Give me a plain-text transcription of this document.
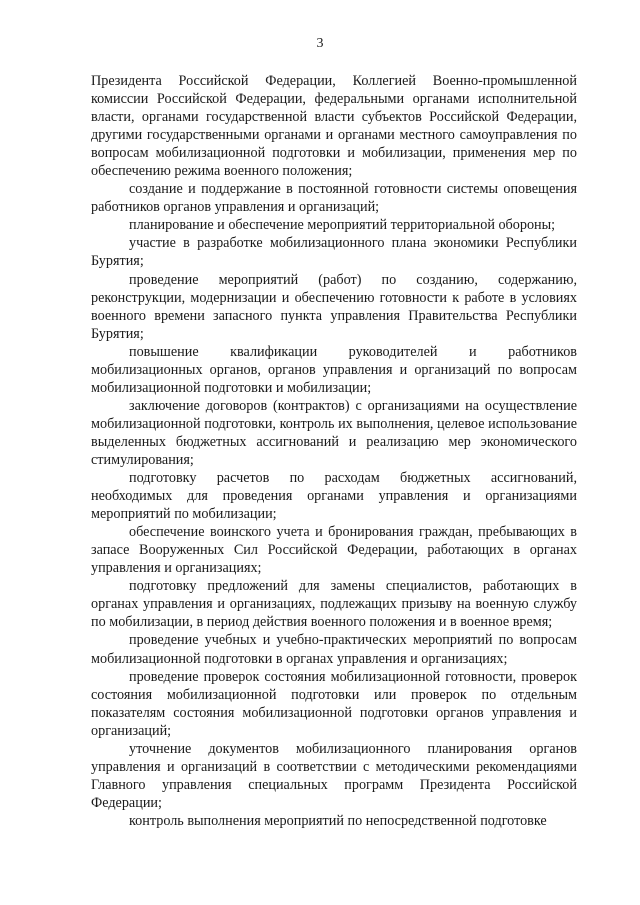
3

Президента Российской Федерации, Коллегией Военно-промышленной комиссии Российской Федерации, федеральными органами исполнительной власти, органами государственной власти субъектов Российской Федерации, другими государственными органами и органами местного самоуправления по вопросам мобилизационной подготовки и мобилизации, применения мер по обеспечению режима военного положения;

создание и поддержание в постоянной готовности системы оповещения работников органов управления и организаций;

планирование и обеспечение мероприятий территориальной обороны;

участие в разработке мобилизационного плана экономики Республики Бурятия;

проведение мероприятий (работ) по созданию, содержанию, реконструкции, модернизации и обеспечению готовности к работе в условиях военного времени запасного пункта управления Правительства Республики Бурятия;

повышение квалификации руководителей и работников мобилизационных органов, органов управления и организаций по вопросам мобилизационной подготовки и мобилизации;

заключение договоров (контрактов) с организациями на осуществление мобилизационной подготовки, контроль их выполнения, целевое использование выделенных бюджетных ассигнований и реализацию мер экономического стимулирования;

подготовку расчетов по расходам бюджетных ассигнований, необходимых для проведения органами управления и организациями мероприятий по мобилизации;

обеспечение воинского учета и бронирования граждан, пребывающих в запасе Вооруженных Сил Российской Федерации, работающих в органах управления и организациях;

подготовку предложений для замены специалистов, работающих в органах управления и организациях, подлежащих призыву на военную службу по мобилизации, в период действия военного положения и в военное время;

проведение учебных и учебно-практических мероприятий по вопросам мобилизационной подготовки в органах управления и организациях;

проведение проверок состояния мобилизационной готовности, проверок состояния мобилизационной подготовки или проверок по отдельным показателям состояния мобилизационной подготовки органов управления и организаций;

уточнение документов мобилизационного планирования органов управления и организаций в соответствии с методическими рекомендациями Главного управления специальных программ Президента Российской Федерации;

контроль выполнения мероприятий по непосредственной подготовке
